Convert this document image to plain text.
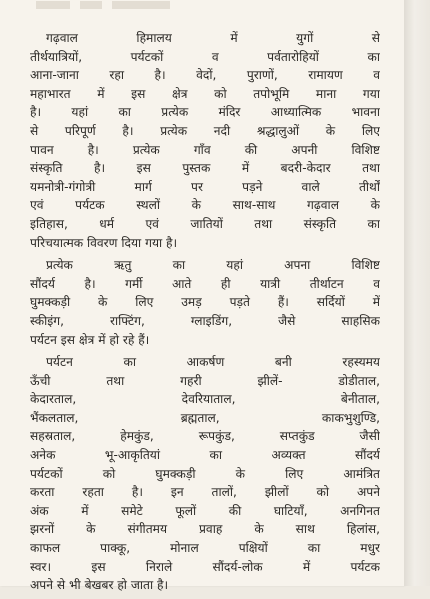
गढ़वाल हिमालय में युगों से
तीर्थयात्रियों, पर्यटकों व पर्वतारोहियों का
आना-जाना रहा है। वेदों, पुराणों, रामायण व
महाभारत में इस क्षेत्र को तपोभूमि माना गया
है। यहां का प्रत्येक मंदिर आध्यात्मिक भावना
से परिपूर्ण है। प्रत्येक नदी श्रद्धालुओं के लिए
पावन है। प्रत्येक गाँव की अपनी विशिष्ट
संस्कृति है। इस पुस्तक में बदरी-केदार तथा
यमनोत्री-गंगोत्री मार्ग पर पड़ने वाले तीर्थों
एवं पर्यटक स्थलों के साथ-साथ गढ़वाल के
इतिहास, धर्म एवं जातियों तथा संस्कृति का
परिचयात्मक विवरण दिया गया है।

प्रत्येक ऋतु का यहां अपना विशिष्ट
सौंदर्य है। गर्मी आते ही यात्री तीर्थाटन व
घुमक्कड़ी के लिए उमड़ पड़ते हैं। सर्दियों में
स्कीइंग, राफ्टिंग, ग्लाइडिंग, जैसे साहसिक
पर्यटन इस क्षेत्र में हो रहे हैं।

पर्यटन का आकर्षण बनी रहस्यमय
ऊँची तथा गहरी झीलें- डोडीताल,
केदारताल, देवरियाताल, बेनीताल,
भैंकलताल, ब्रह्मताल, काकभुशुण्डि,
सहस्रताल, हेमकुंड, रूपकुंड, सप्तकुंड जैसी
अनेक भू-आकृतियां का अव्यक्त सौंदर्य
पर्यटकों को घुमक्कड़ी के लिए आमंत्रित
करता रहता है। इन तालों, झीलों को अपने
अंक में समेटे फूलों की घाटियाँ, अनगिनत
झरनों के संगीतमय प्रवाह के साथ हिलांस,
काफल पाक्कू, मोनाल पक्षियों का मधुर
स्वर। इस निराले सौंदर्य-लोक में पर्यटक
अपने से भी बेखबर हो जाता है।
